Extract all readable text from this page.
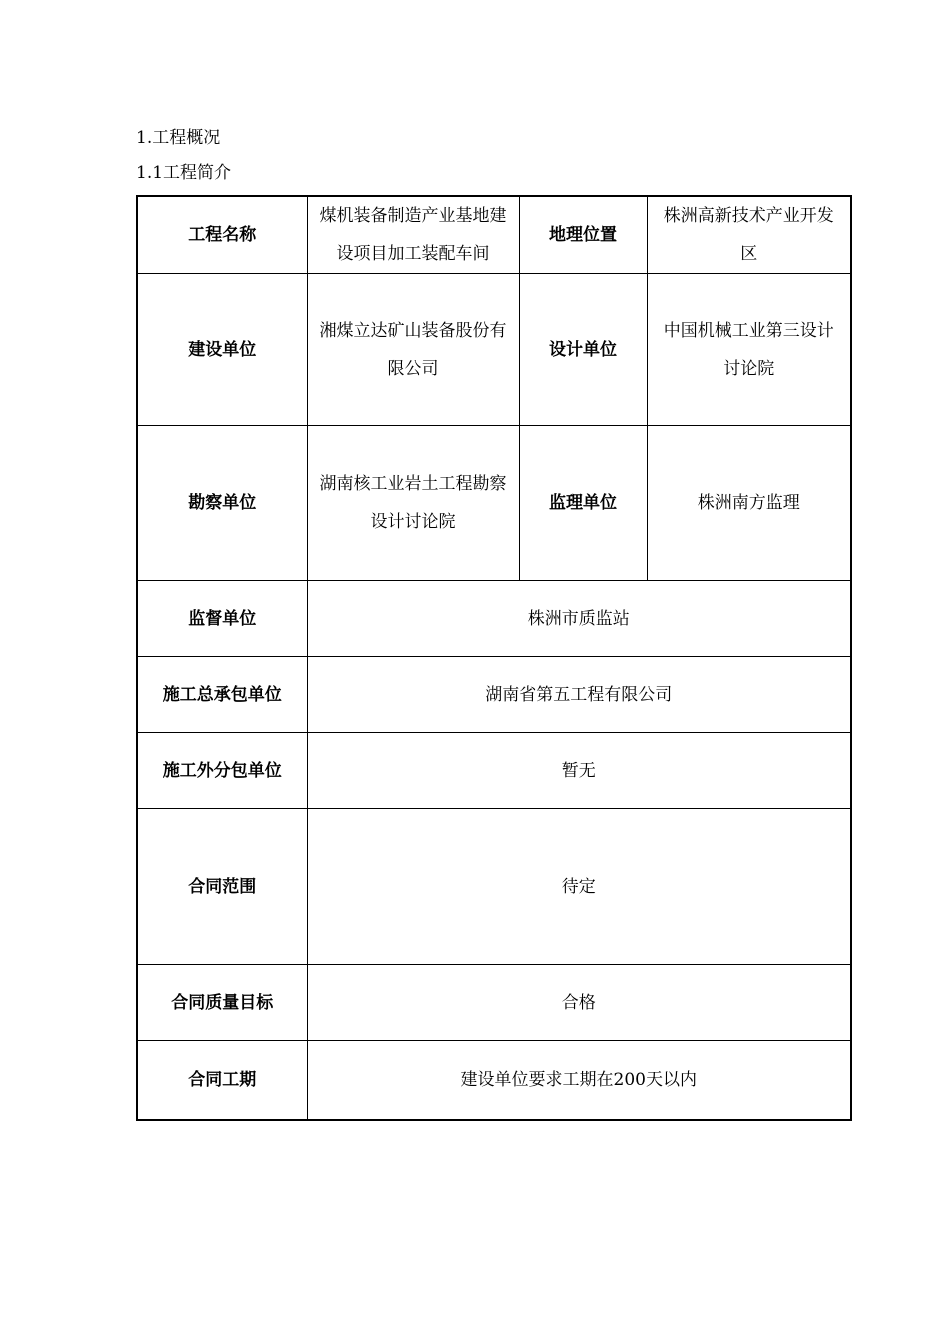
1.工程概况
1.1工程简介
工程名称	煤机装备制造产业基地建设项目加工装配车间	地理位置	株洲高新技术产业开发区
建设单位	湘煤立达矿山装备股份有限公司	设计单位	中国机械工业第三设计讨论院
勘察单位	湖南核工业岩土工程勘察设计讨论院	监理单位	株洲南方监理
监督单位	株洲市质监站		
施工总承包单位	湖南省第五工程有限公司		
施工外分包单位	暂无		
合同范围	待定		
合同质量目标	合格		
合同工期	建设单位要求工期在200天以内		
